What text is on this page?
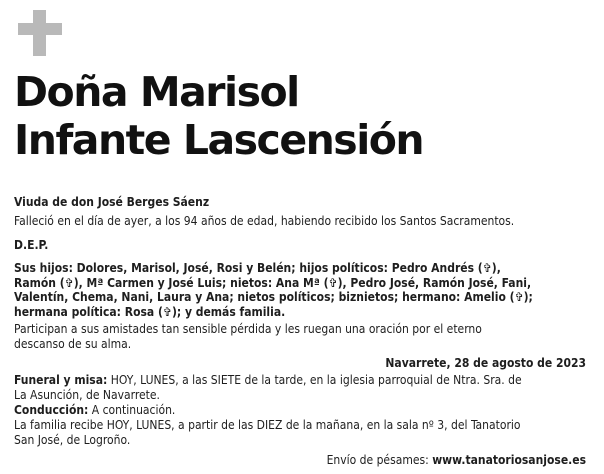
Doña Marisol
Infante Lascensión
Viuda de don José Berges Sáenz
Falleció en el día de ayer, a los 94 años de edad, habiendo recibido los Santos Sacramentos.
D.E.P.
Sus hijos: Dolores, Marisol, José, Rosi y Belén; hijos políticos: Pedro Andrés (✞),
Ramón (✞), Mª Carmen y José Luis; nietos: Ana Mª (✞), Pedro José, Ramón José, Fani,
Valentín, Chema, Nani, Laura y Ana; nietos políticos; biznietos; hermano: Amelio (✞);
hermana política: Rosa (✞); y demás familia.
Participan a sus amistades tan sensible pérdida y les ruegan una oración por el eterno
descanso de su alma.
Navarrete, 28 de agosto de 2023
Funeral y misa: HOY, LUNES, a las SIETE de la tarde, en la iglesia parroquial de Ntra. Sra. de
La Asunción, de Navarrete.
Conducción: A continuación.
La familia recibe HOY, LUNES, a partir de las DIEZ de la mañana, en la sala nº 3, del Tanatorio
San José, de Logroño.
Envío de pésames: www.tanatoriosanjose.es
